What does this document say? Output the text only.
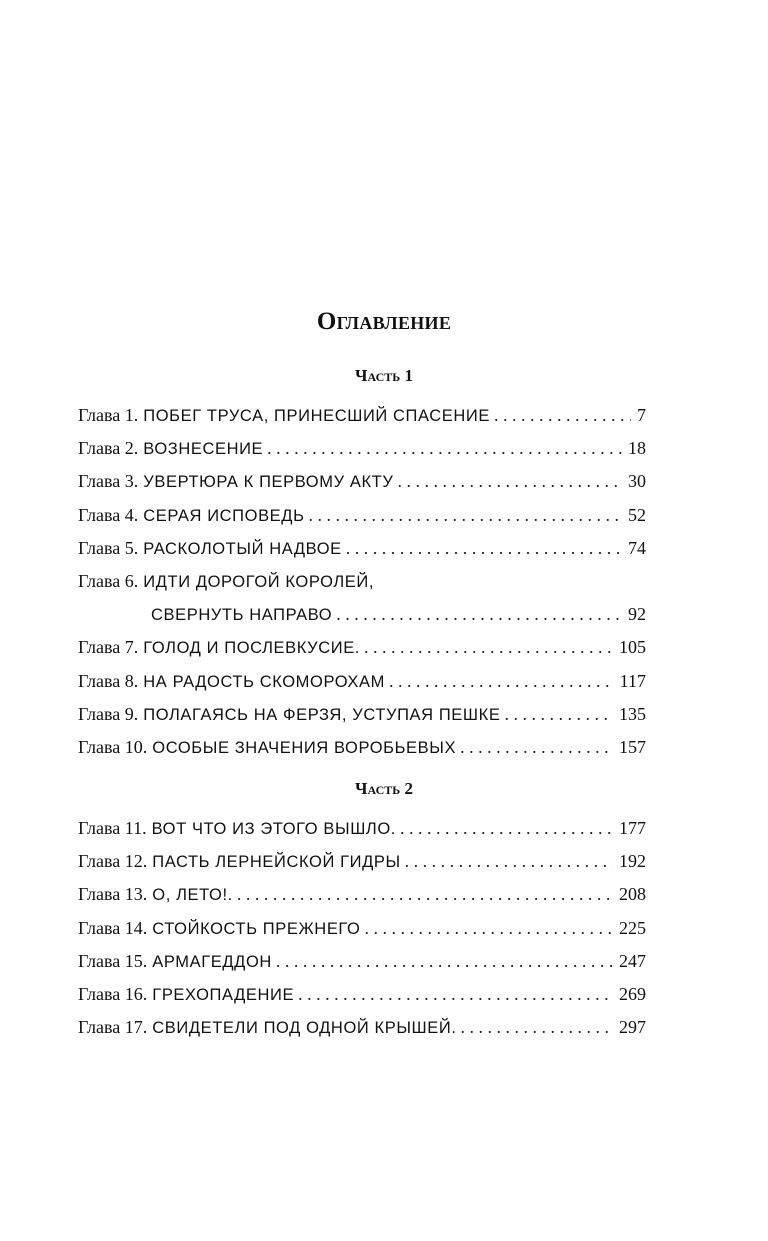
Оглавление
Часть 1
Глава 1. ПОБЕГ ТРУСА, ПРИНЕСШИЙ СПАСЕНИЕ . . .	7
Глава 2. ВОЗНЕСЕНИЕ . . .	18
Глава 3. УВЕРТЮРА К ПЕРВОМУ АКТУ . . .	30
Глава 4. СЕРАЯ ИСПОВЕДЬ . . .	52
Глава 5. РАСКОЛОТЫЙ НАДВОЕ . . .	74
Глава 6. ИДТИ ДОРОГОЙ КОРОЛЕЙ,
СВЕРНУТЬ НАПРАВО . . .	92
Глава 7. ГОЛОД И ПОСЛЕВКУСИЕ. . . .	105
Глава 8. НА РАДОСТЬ СКОМОРОХАМ . . .	117
Глава 9. ПОЛАГАЯСЬ НА ФЕРЗЯ, УСТУПАЯ ПЕШКЕ . . .	135
Глава 10. ОСОБЫЕ ЗНАЧЕНИЯ ВОРОБЬЕВЫХ . . .	157
Часть 2
Глава 11. ВОТ ЧТО ИЗ ЭТОГО ВЫШЛО. . . .	177
Глава 12. ПАСТЬ ЛЕРНЕЙСКОЙ ГИДРЫ . . .	192
Глава 13. О, ЛЕТО!. . . .	208
Глава 14. СТОЙКОСТЬ ПРЕЖНЕГО . . .	225
Глава 15. АРМАГЕДДОН . . .	247
Глава 16. ГРЕХОПАДЕНИЕ . . .	269
Глава 17. СВИДЕТЕЛИ ПОД ОДНОЙ КРЫШЕЙ. . . .	297
